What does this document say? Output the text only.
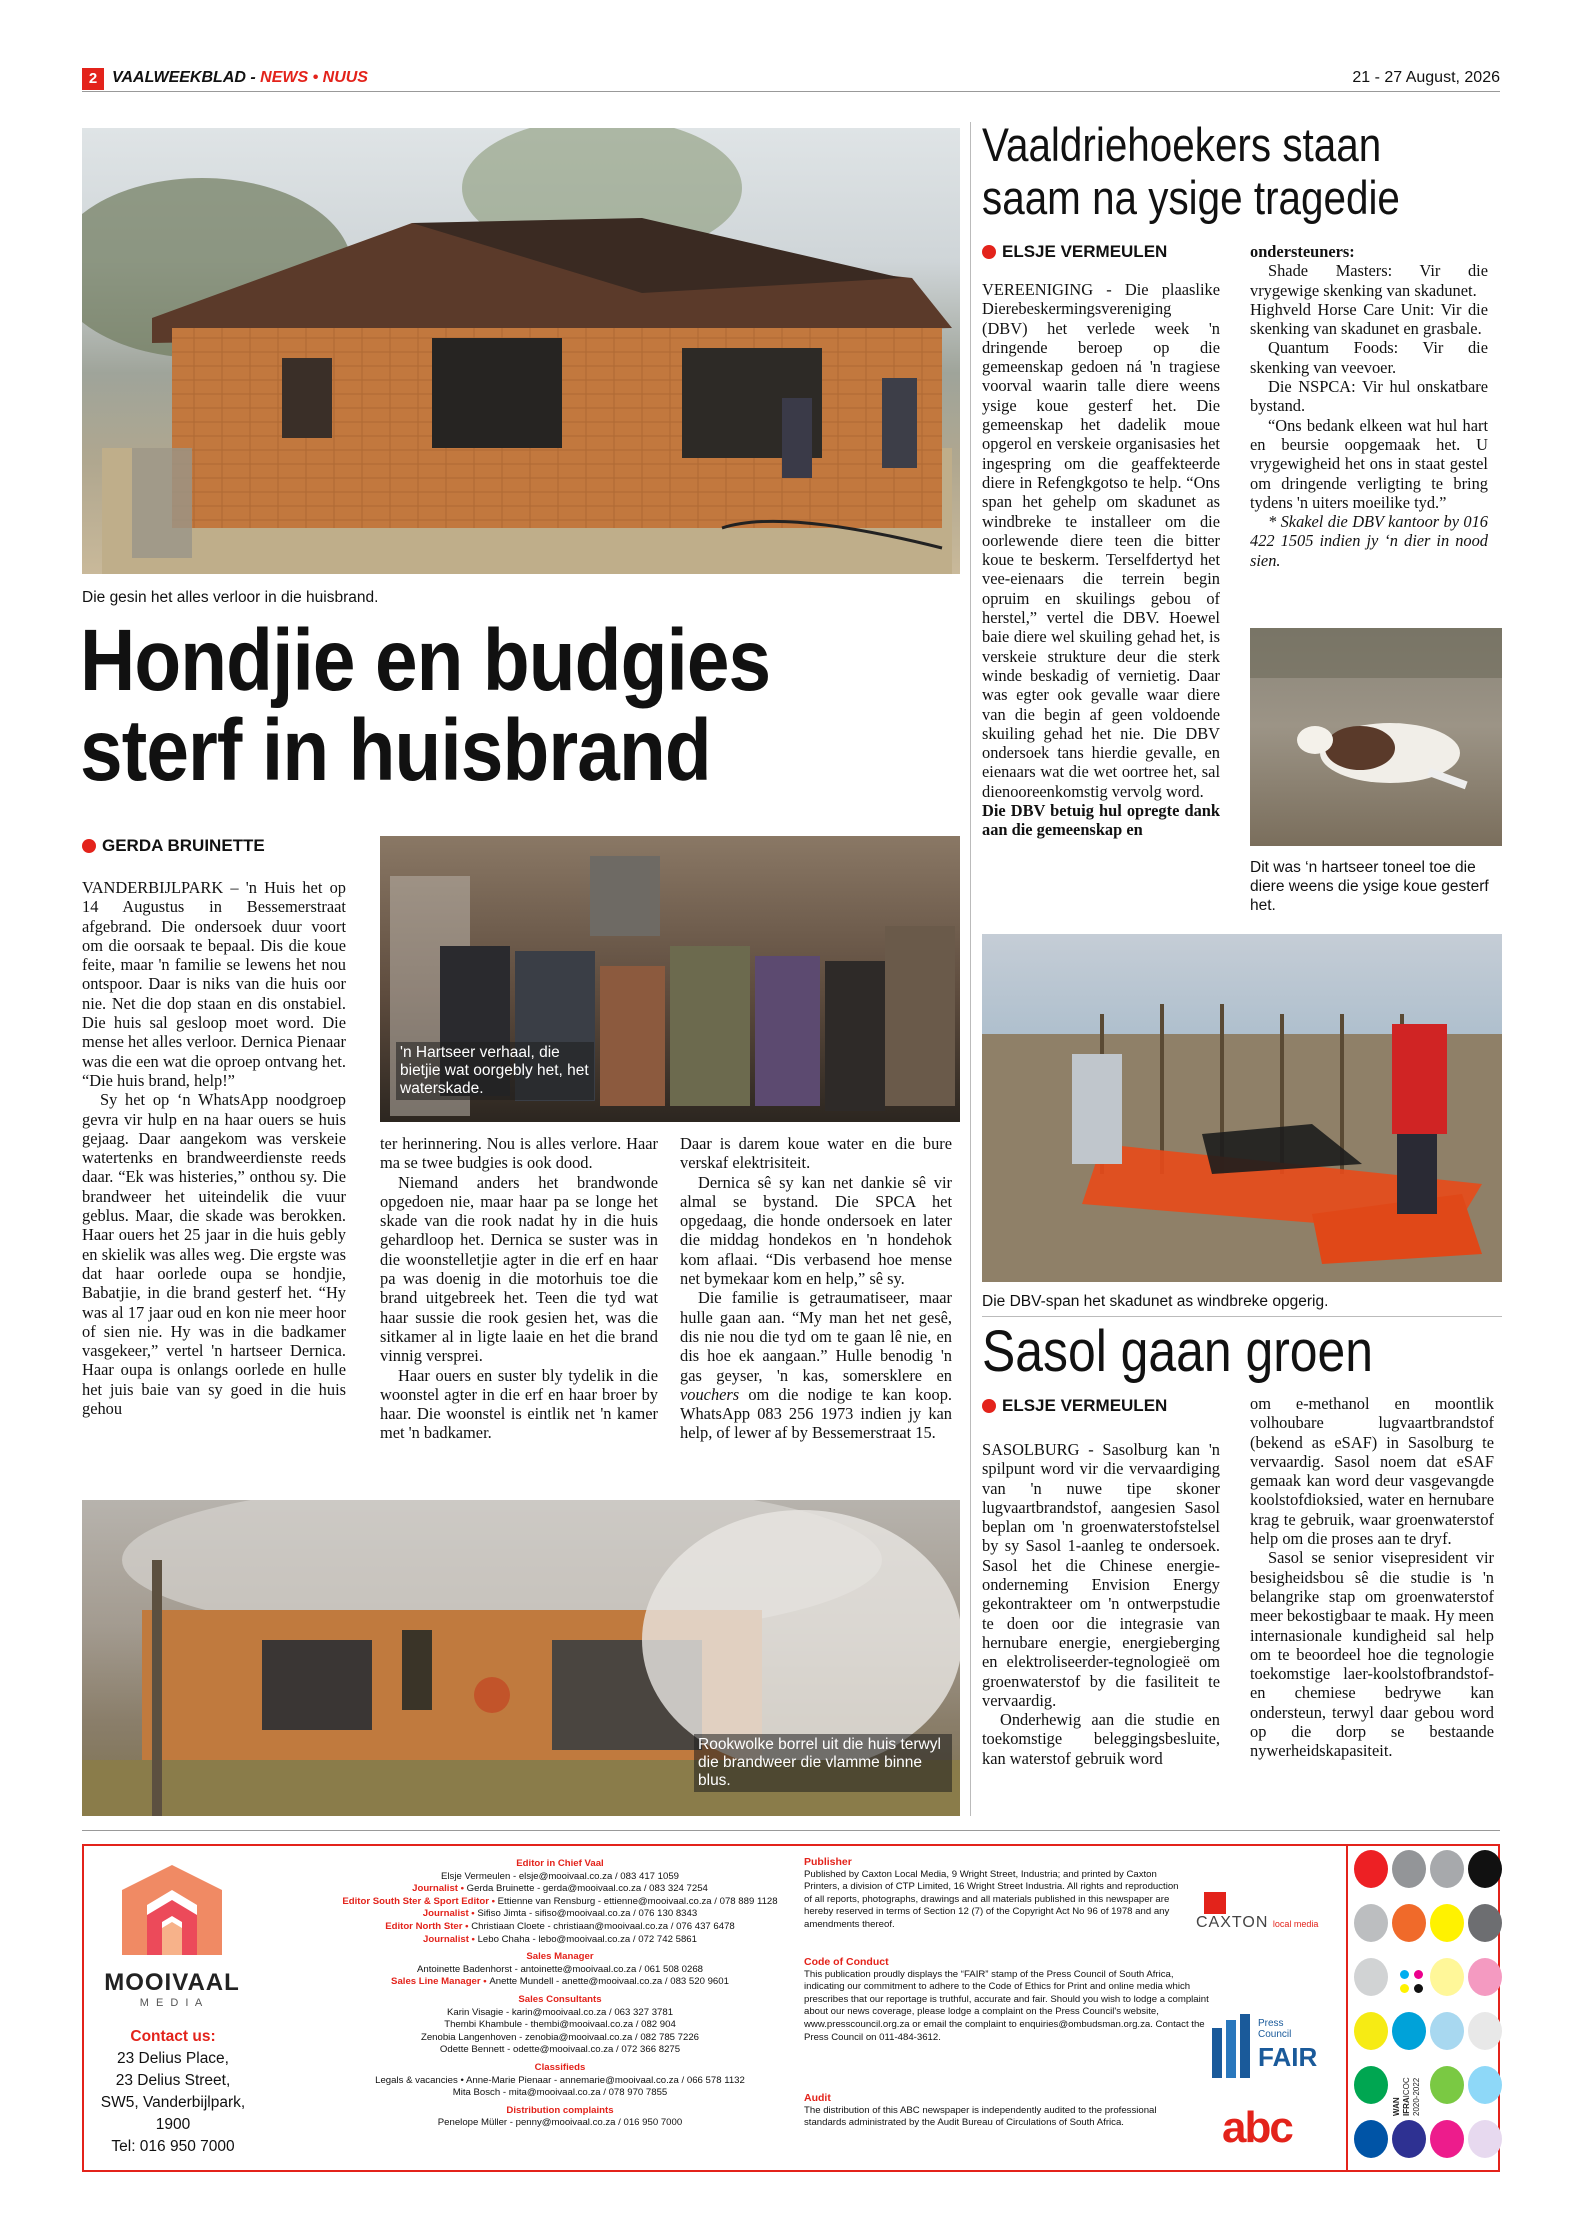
2 VAALWEEKBLAD - NEWS • NUUS	21 - 27 August, 2026
Die gesin het alles verloor in die huisbrand.
Hondjie en budgies
sterf in huisbrand
GERDA BRUINETTE

VANDERBIJLPARK – 'n Huis het op 14 Augustus in Bessemerstraat afgebrand. Die ondersoek duur voort om die oorsaak te bepaal. Dis die koue feite, maar 'n familie se lewens het nou ontspoor. Daar is niks van die huis oor nie. Net die dop staan en dis onstabiel. Die huis sal gesloop moet word. Die mense het alles verloor. Dernica Pienaar was die een wat die oproep ontvang het. “Die huis brand, help!”

Sy het op ‘n WhatsApp noodgroep gevra vir hulp en na haar ouers se huis gejaag. Daar aangekom was verskeie watertenks en brandweerdienste reeds daar. “Ek was histeries,” onthou sy. Die brandweer het uiteindelik die vuur geblus. Maar, die skade was berokken. Haar ouers het 25 jaar in die huis gebly en skielik was alles weg. Die ergste was dat haar oorlede oupa se hondjie, Babatjie, in die brand gesterf het. “Hy was al 17 jaar oud en kon nie meer hoor of sien nie. Hy was in die badkamer vasgekeer,” vertel 'n hartseer Dernica. Haar oupa is onlangs oorlede en hulle het juis baie van sy goed in die huis gehou

'n Hartseer verhaal, die bietjie wat oorgebly het, het waterskade.

ter herinnering. Nou is alles verlore. Haar ma se twee budgies is ook dood.

Niemand anders het brandwonde opgedoen nie, maar haar pa se longe het skade van die rook nadat hy in die huis gehardloop het. Dernica se suster was in die woonstelletjie agter in die erf en haar pa was doenig in die motorhuis toe die brand uitgebreek het. Teen die tyd wat haar sussie die rook gesien het, was die sitkamer al in ligte laaie en het die brand vinnig versprei.

Haar ouers en suster bly tydelik in die woonstel agter in die erf en haar broer by haar. Die woonstel is eintlik net 'n kamer met 'n badkamer.

Daar is darem koue water en die bure verskaf elektrisiteit.

Dernica sê sy kan net dankie sê vir almal se bystand. Die SPCA het opgedaag, die honde ondersoek en later die middag hondekos en 'n hondehok kom aflaai. “Dis verbasend hoe mense net bymekaar kom en help,” sê sy.

Die familie is getraumatiseer, maar hulle gaan aan. “My man het net gesê, dis nie nou die tyd om te gaan lê nie, en dis hoe ek aangaan.” Hulle benodig 'n gas geyser, 'n kas, somersklere en vouchers om die nodige te kan koop. WhatsApp 083 256 1973 indien jy kan help, of lewer af by Bessemerstraat 15.

Rookwolke borrel uit die huis terwyl die brandweer die vlamme binne blus.
Vaaldriehoekers staan
saam na ysige tragedie
ELSJE VERMEULEN

VEREENIGING - Die plaaslike Dierebeskermingsvereniging (DBV) het verlede week 'n dringende beroep op die gemeenskap gedoen ná 'n tragiese voorval waarin talle diere weens ysige koue gesterf het. Die gemeenskap het dadelik moue opgerol en verskeie organisasies het ingespring om die geaffekteerde diere in Refengkgotso te help. “Ons span het gehelp om skadunet as windbreke te installeer om die oorlewende diere teen die bitter koue te beskerm. Terselfdertyd het vee-eienaars die terrein begin opruim en skuilings gebou of herstel,” vertel die DBV. Hoewel baie diere wel skuiling gehad het, is verskeie strukture deur die sterk winde beskadig of vernietig. Daar was egter ook gevalle waar diere van die begin af geen voldoende skuiling gehad het nie. Die DBV ondersoek tans hierdie gevalle, en eienaars wat die wet oortree het, sal dienooreenkomstig vervolg word.

Die DBV betuig hul opregte dank aan die gemeenskap en

ondersteuners:

Shade Masters: Vir die vrygewige skenking van skadunet.

Highveld Horse Care Unit: Vir die skenking van skadunet en grasbale.

Quantum Foods: Vir die skenking van veevoer.

Die NSPCA: Vir hul onskatbare bystand.

“Ons bedank elkeen wat hul hart en beursie oopgemaak het. U vrygewigheid het ons in staat gestel om dringende verligting te bring tydens 'n uiters moeilike tyd.”

* Skakel die DBV kantoor by 016 422 1505 indien jy ‘n dier in nood sien.

Dit was ‘n hartseer toneel toe die diere weens die ysige koue gesterf het.
Die DBV-span het skadunet as windbreke opgerig.
Sasol gaan groen
ELSJE VERMEULEN

SASOLBURG - Sasolburg kan 'n spilpunt word vir die vervaardiging van 'n nuwe tipe skoner lugvaartbrandstof, aangesien Sasol beplan om 'n groenwaterstofstelsel by sy Sasol 1-aanleg te ondersoek. Sasol het die Chinese energie-onderneming Envision Energy gekontrakteer om 'n ontwerpstudie te doen oor die integrasie van hernubare energie, energieberging en elektroliseerder-tegnologieë om groenwaterstof by die fasiliteit te vervaardig.

Onderhewig aan die studie en toekomstige beleggingsbesluite, kan waterstof gebruik word

om e-methanol en moontlik volhoubare lugvaartbrandstof (bekend as eSAF) in Sasolburg te vervaardig. Sasol noem dat eSAF gemaak kan word deur vasgevangde koolstofdioksied, water en hernubare krag te gebruik, waar groenwaterstof help om die proses aan te dryf.

Sasol se senior visepresident vir besigheidsbou sê die studie is 'n belangrike stap om groenwaterstof meer bekostigbaar te maak. Hy meen internasionale kundigheid sal help om te beoordeel hoe die tegnologie toekomstige laer-koolstofbrandstof- en chemiese bedrywe kan ondersteun, terwyl daar gebou word op die dorp se bestaande nywerheidskapasiteit.

MOOIVAAL
M E D I A
Contact us:
23 Delius Place,
23 Delius Street,
SW5, Vanderbijlpark,
1900
Tel: 016 950 7000
Editor in Chief Vaal
Elsje Vermeulen - elsje@mooivaal.co.za / 083 417 1059
Journalist • Gerda Bruinette - gerda@mooivaal.co.za / 083 324 7254
Editor South Ster & Sport Editor • Ettienne van Rensburg - ettienne@mooivaal.co.za / 078 889 1128
Journalist • Sifiso Jimta - sifiso@mooivaal.co.za / 076 130 8343
Editor North Ster • Christiaan Cloete - christiaan@mooivaal.co.za / 076 437 6478
Journalist • Lebo Chaha - lebo@mooivaal.co.za / 072 742 5861
Sales Manager
Antoinette Badenhorst - antoinette@mooivaal.co.za / 061 508 0268
Sales Line Manager • Anette Mundell - anette@mooivaal.co.za / 083 520 9601
Sales Consultants
Karin Visagie - karin@mooivaal.co.za / 063 327 3781
Thembi Khambule - thembi@mooivaal.co.za / 082 904
Zenobia Langenhoven - zenobia@mooivaal.co.za / 082 785 7226
Odette Bennett - odette@mooivaal.co.za / 072 366 8275
Classifieds
Legals & vacancies • Anne-Marie Pienaar - annemarie@mooivaal.co.za / 066 578 1132
Mita Bosch - mita@mooivaal.co.za / 078 970 7855
Distribution complaints
Penelope Müller - penny@mooivaal.co.za / 016 950 7000
Publisher
Published by Caxton Local Media, 9 Wright Street, Industria; and printed by Caxton Printers, a division of CTP Limited, 16 Wright Street Industria. All rights and reproduction of all reports, photographs, drawings and all materials published in this newspaper are hereby reserved in terms of Section 12 (7) of the Copyright Act No 96 of 1978 and any amendments thereof.	CAXTON local media
Code of Conduct
This publication proudly displays the “FAIR” stamp of the Press Council of South Africa, indicating our commitment to adhere to the Code of Ethics for Print and online media which prescribes that our reportage is truthful, accurate and fair. Should you wish to lodge a complaint about our news coverage, please lodge a complaint on the Press Council's website, www.presscouncil.org.za or email the complaint to enquiries@ombudsman.org.za. Contact the Press Council on 011-484-3612.
Press Council
FAIR
Audit
The distribution of this ABC newspaper is independently audited to the professional standards administrated by the Audit Bureau of Circulations of South Africa.	abc	WAN IFRAICOC 2020-2022
